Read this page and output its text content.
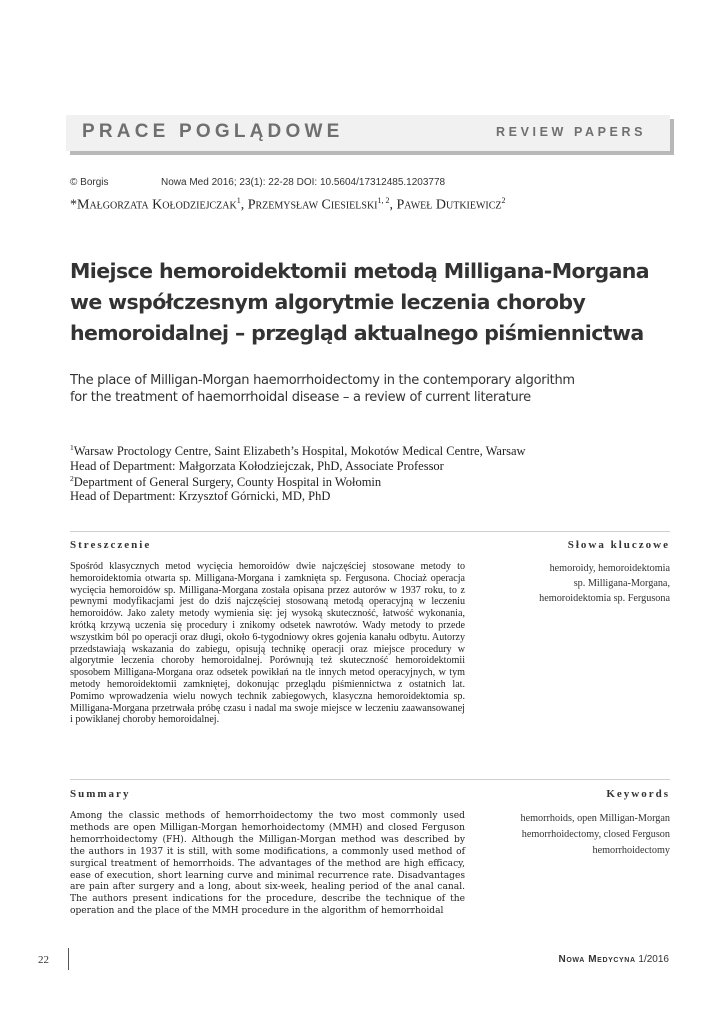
PRACE POGLĄDOWE	REVIEW PAPERS
© Borgis	Nowa Med 2016; 23(1): 22-28 DOI: 10.5604/17312485.1203778
*Małgorzata Kołodziejczak$^1$, Przemysław Ciesielski$^{1, 2}$, Paweł Dutkiewicz$^2$
Miejsce hemoroidektomii metodą Milligana-Morgana
we współczesnym algorytmie leczenia choroby
hemoroidalnej – przegląd aktualnego piśmiennictwa
The place of Milligan-Morgan haemorrhoidectomy in the contemporary algorithm
for the treatment of haemorrhoidal disease – a review of current literature
$^1$Warsaw Proctology Centre, Saint Elizabeth’s Hospital, Mokotów Medical Centre, Warsaw
Head of Department: Małgorzata Kołodziejczak, PhD, Associate Professor
$^2$Department of General Surgery, County Hospital in Wołomin
Head of Department: Krzysztof Górnicki, MD, PhD
Streszczenie	Słowa kluczowe
Spośród klasycznych metod wycięcia hemoroidów dwie najczęściej stosowane metody to hemoroidektomia otwarta sp. Milligana-Morgana i zamknięta sp. Fergusona. Chociaż operacja wycięcia hemoroidów sp. Milligana-Morgana została opisana przez autorów w 1937 roku, to z pewnymi modyfikacjami jest do dziś najczęściej stosowaną metodą operacyjną w leczeniu hemoroidów. Jako zalety metody wymienia się: jej wysoką skuteczność, łatwość wykonania, krótką krzywą uczenia się procedury i znikomy odsetek nawrotów. Wady metody to przede wszystkim ból po operacji oraz długi, około 6-tygodniowy okres gojenia kanału odbytu. Autorzy przedstawiają wskazania do zabiegu, opisują technikę operacji oraz miejsce procedury w algorytmie leczenia choroby hemoroidalnej. Porównują też skuteczność hemoroidektomii sposobem Milligana-Morgana oraz odsetek powikłań na tle innych metod operacyjnych, w tym metody hemoroidektomii zamkniętej, dokonując przeglądu piśmiennictwa z ostatnich lat. Pomimo wprowadzenia wielu nowych technik zabiegowych, klasyczna hemoroidektomia sp. Milligana-Morgana przetrwała próbę czasu i nadal ma swoje miejsce w leczeniu zaawansowanej i powikłanej choroby hemoroidalnej.
hemoroidy, hemoroidektomia
sp. Milligana-Morgana,
hemoroidektomia sp. Fergusona
Summary	Keywords
Among the classic methods of hemorrhoidectomy the two most commonly used methods are open Milligan-Morgan hemorhoidectomy (MMH) and closed Ferguson hemorrhoidectomy (FH). Although the Milligan-Morgan method was described by the authors in 1937 it is still, with some modifications, a commonly used method of surgical treatment of hemorrhoids. The advantages of the method are high efficacy, ease of execution, short learning curve and minimal recurrence rate. Disadvantages are pain after surgery and a long, about six-week, healing period of the anal canal. The authors present indications for the procedure, describe the technique of the operation and the place of the MMH procedure in the algorithm of hemorrhoidal
hemorrhoids, open Milligan-Morgan
hemorrhoidectomy, closed Ferguson
hemorrhoidectomy
22	Nowa Medycyna 1/2016
